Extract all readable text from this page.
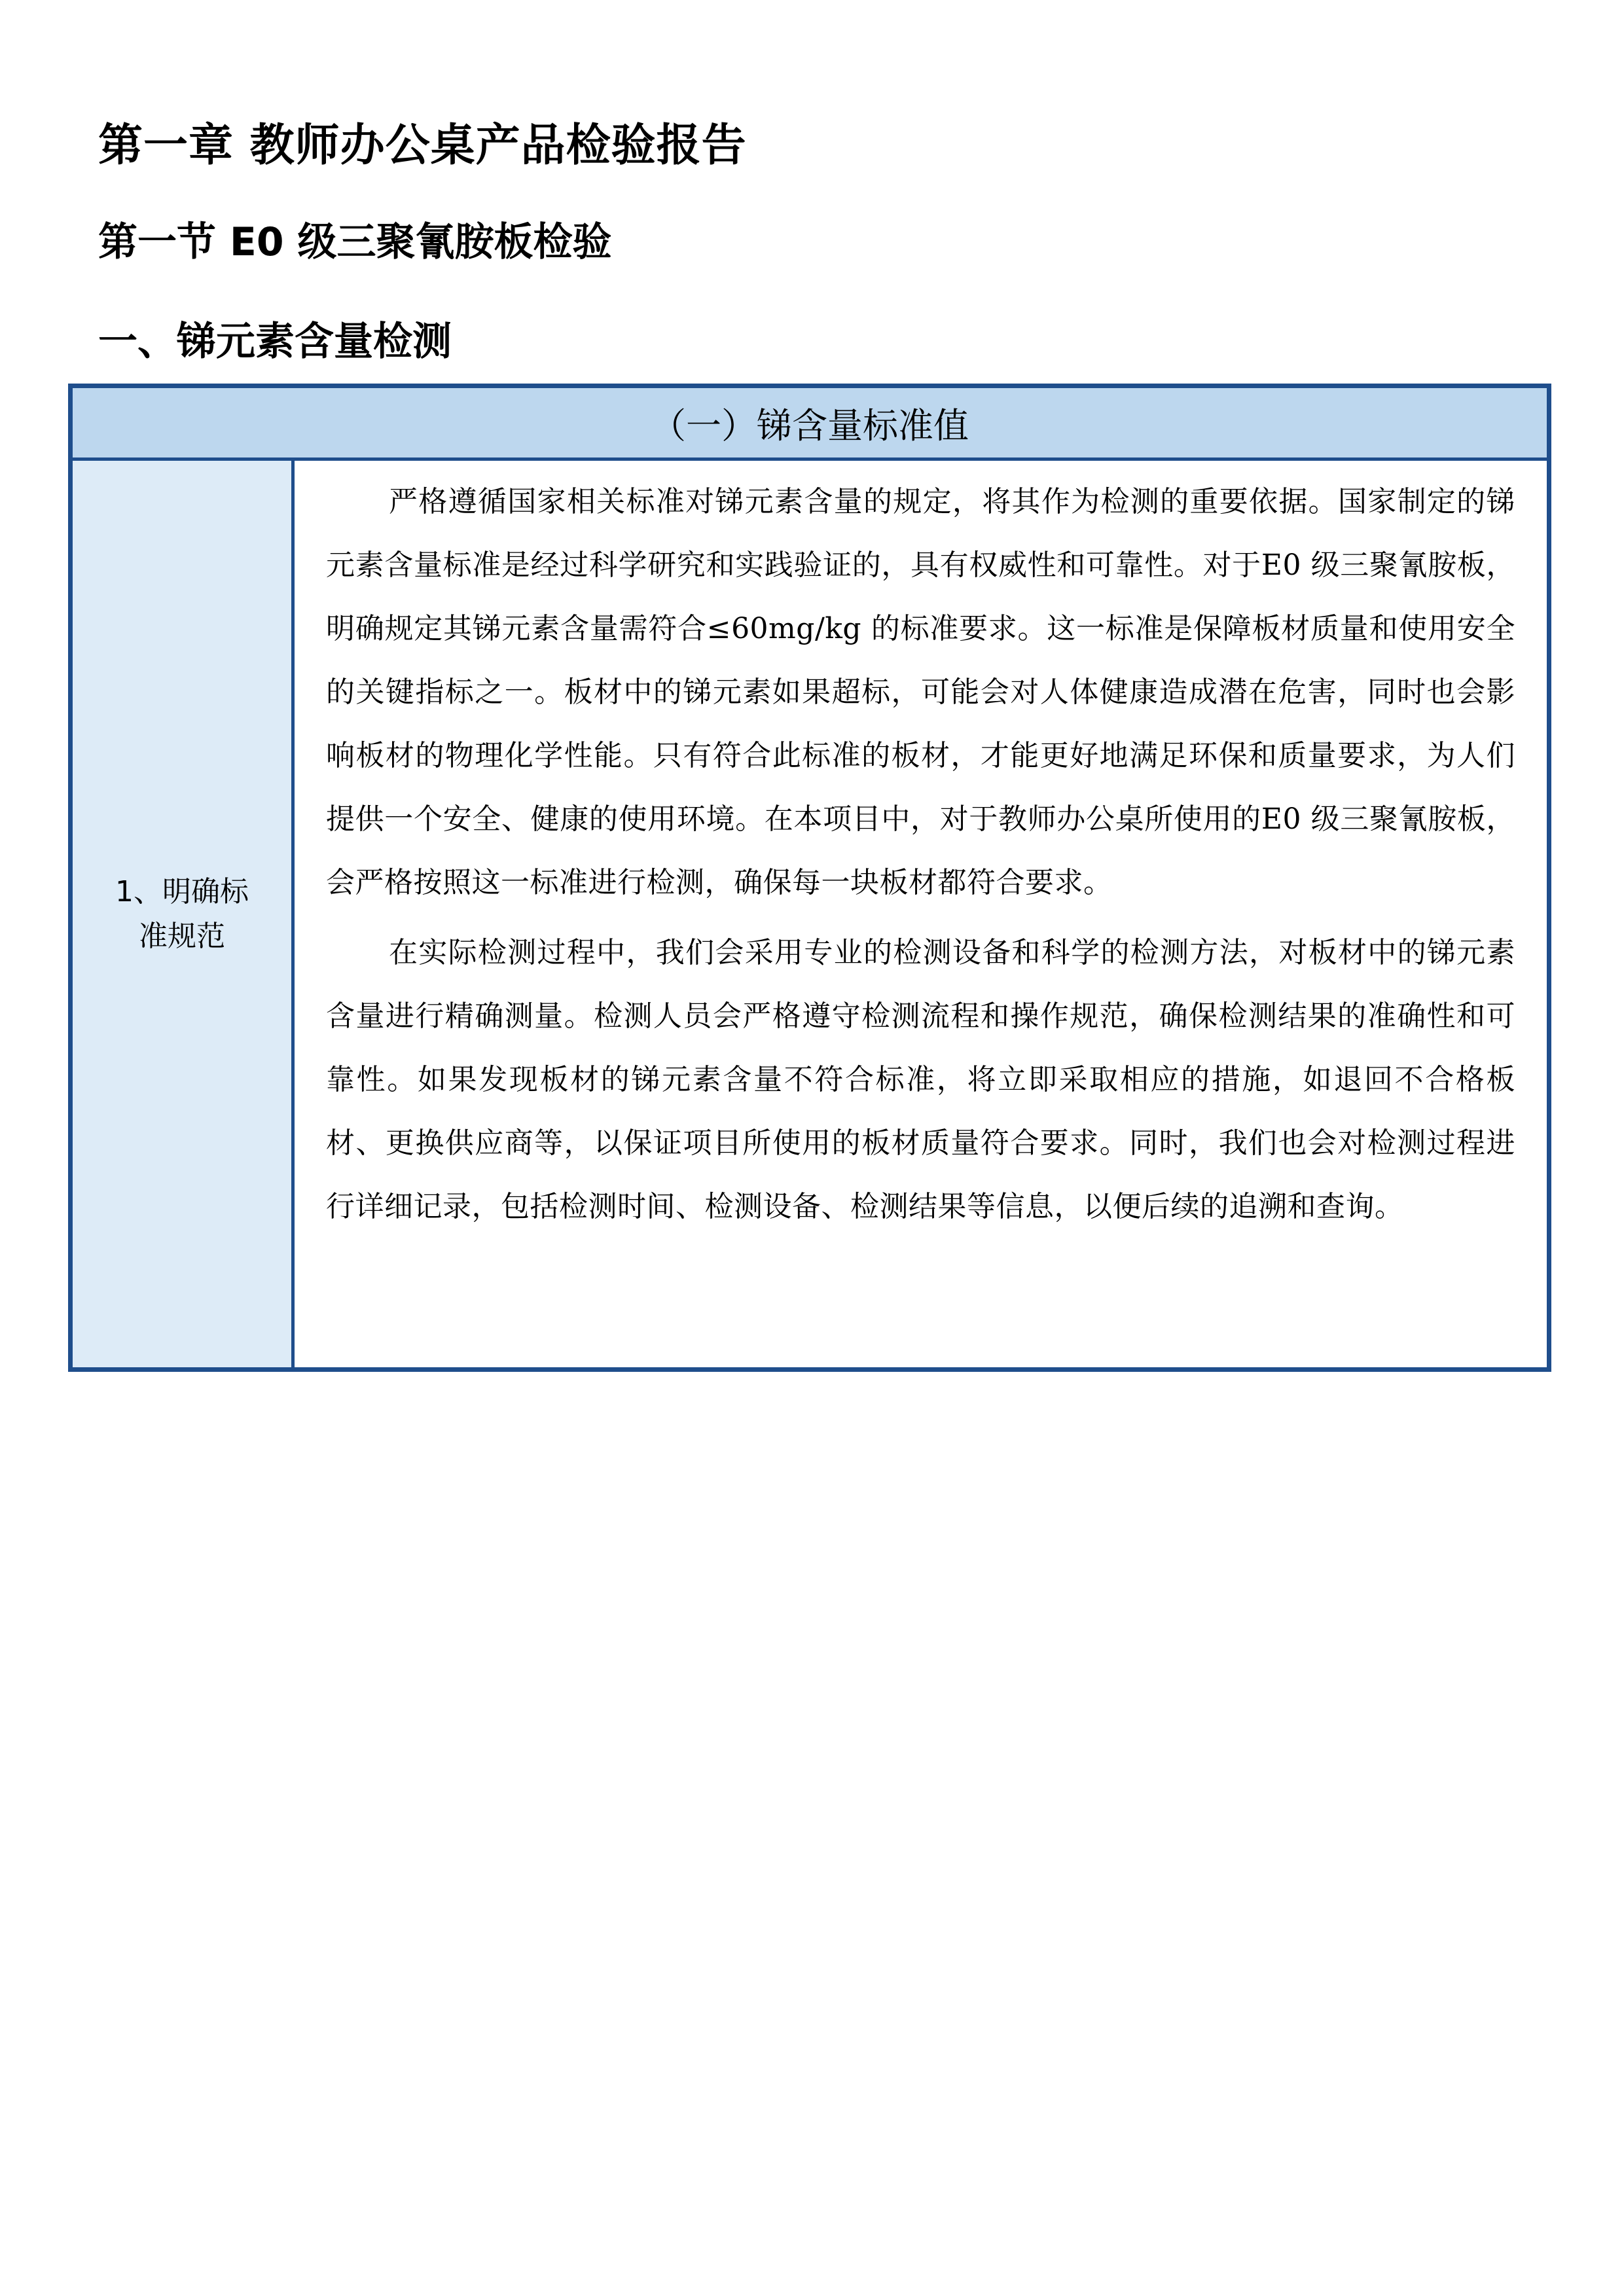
第一章 教师办公桌产品检验报告
第一节 E0 级三聚氰胺板检验
一、锑元素含量检测
（一）锑含量标准值
1、明确标准规范

严格遵循国家相关标准对锑元素含量的规定，将其作为检测的重要依据。国家制定的锑元素含量标准是经过科学研究和实践验证的，具有权威性和可靠性。对于E0 级三聚氰胺板，明确规定其锑元素含量需符合≤60mg/kg 的标准要求。这一标准是保障板材质量和使用安全的关键指标之一。板材中的锑元素如果超标，可能会对人体健康造成潜在危害，同时也会影响板材的物理化学性能。只有符合此标准的板材，才能更好地满足环保和质量要求，为人们提供一个安全、健康的使用环境。在本项目中，对于教师办公桌所使用的E0 级三聚氰胺板，会严格按照这一标准进行检测，确保每一块板材都符合要求。

在实际检测过程中，我们会采用专业的检测设备和科学的检测方法，对板材中的锑元素含量进行精确测量。检测人员会严格遵守检测流程和操作规范，确保检测结果的准确性和可靠性。如果发现板材的锑元素含量不符合标准，将立即采取相应的措施，如退回不合格板材、更换供应商等，以保证项目所使用的板材质量符合要求。同时，我们也会对检测过程进行详细记录，包括检测时间、检测设备、检测结果等信息，以便后续的追溯和查询。
